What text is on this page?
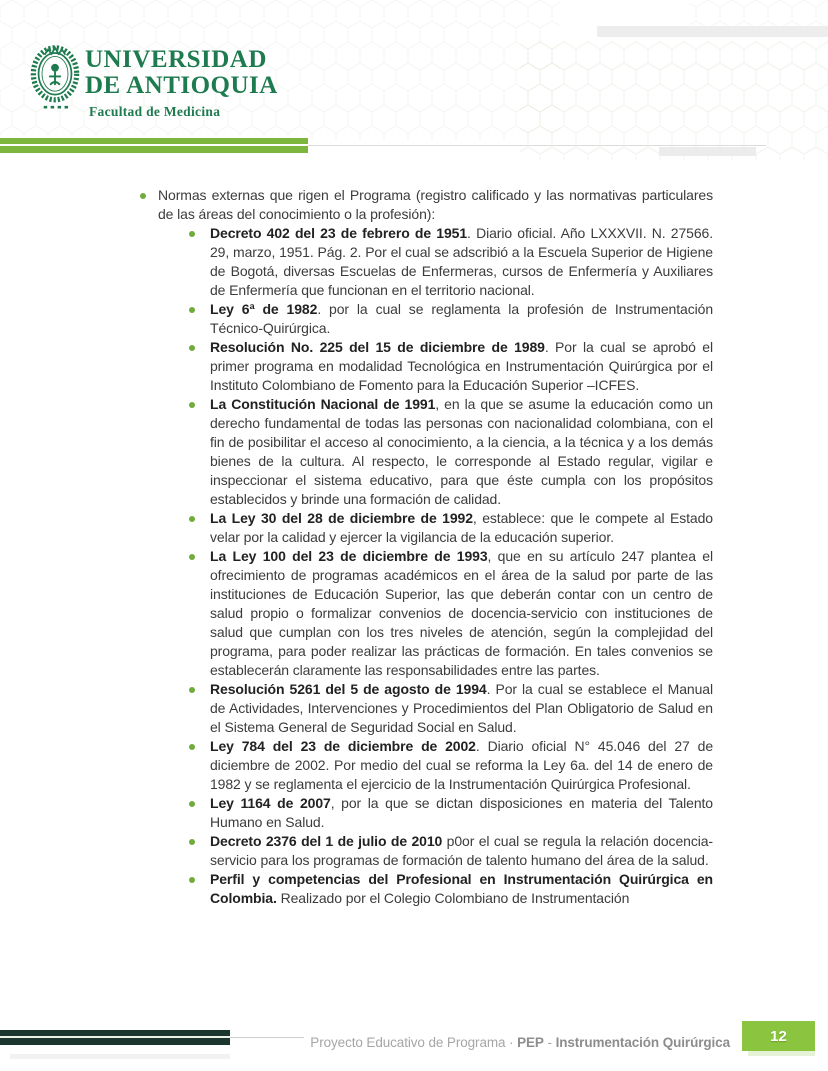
UNIVERSIDAD
DE ANTIOQUIA
Facultad de Medicina
Normas externas que rigen el Programa (registro calificado y las normativas particulares de las áreas del conocimiento o la profesión):
Decreto 402 del 23 de febrero de 1951. Diario oficial. Año LXXXVII. N. 27566. 29, marzo, 1951. Pág. 2. Por el cual se adscribió a la Escuela Superior de Higiene de Bogotá, diversas Escuelas de Enfermeras, cursos de Enfermería y Auxiliares de Enfermería que funcionan en el territorio nacional.
Ley 6ª de 1982. por la cual se reglamenta la profesión de Instrumentación Técnico-Quirúrgica.
Resolución No. 225 del 15 de diciembre de 1989. Por la cual se aprobó el primer programa en modalidad Tecnológica en Instrumentación Quirúrgica por el Instituto Colombiano de Fomento para la Educación Superior –ICFES.
La Constitución Nacional de 1991, en la que se asume la educación como un derecho fundamental de todas las personas con nacionalidad colombiana, con el fin de posibilitar el acceso al conocimiento, a la ciencia, a la técnica y a los demás bienes de la cultura. Al respecto, le corresponde al Estado regular, vigilar e inspeccionar el sistema educativo, para que éste cumpla con los propósitos establecidos y brinde una formación de calidad.
La Ley 30 del 28 de diciembre de 1992, establece: que le compete al Estado velar por la calidad y ejercer la vigilancia de la educación superior.
La Ley 100 del 23 de diciembre de 1993, que en su artículo 247 plantea el ofrecimiento de programas académicos en el área de la salud por parte de las instituciones de Educación Superior, las que deberán contar con un centro de salud propio o formalizar convenios de docencia-servicio con instituciones de salud que cumplan con los tres niveles de atención, según la complejidad del programa, para poder realizar las prácticas de formación. En tales convenios se establecerán claramente las responsabilidades entre las partes.
Resolución 5261 del 5 de agosto de 1994. Por la cual se establece el Manual de Actividades, Intervenciones y Procedimientos del Plan Obligatorio de Salud en el Sistema General de Seguridad Social en Salud.
Ley 784 del 23 de diciembre de 2002. Diario oficial N° 45.046 del 27 de diciembre de 2002. Por medio del cual se reforma la Ley 6a. del 14 de enero de 1982 y se reglamenta el ejercicio de la Instrumentación Quirúrgica Profesional.
Ley 1164 de 2007, por la que se dictan disposiciones en materia del Talento Humano en Salud.
Decreto 2376 del 1 de julio de 2010 p0or el cual se regula la relación docencia-servicio para los programas de formación de talento humano del área de la salud.
Perfil y competencias del Profesional en Instrumentación Quirúrgica en Colombia. Realizado por el Colegio Colombiano de Instrumentación
Proyecto Educativo de Programa · PEP - Instrumentación Quirúrgica	12
